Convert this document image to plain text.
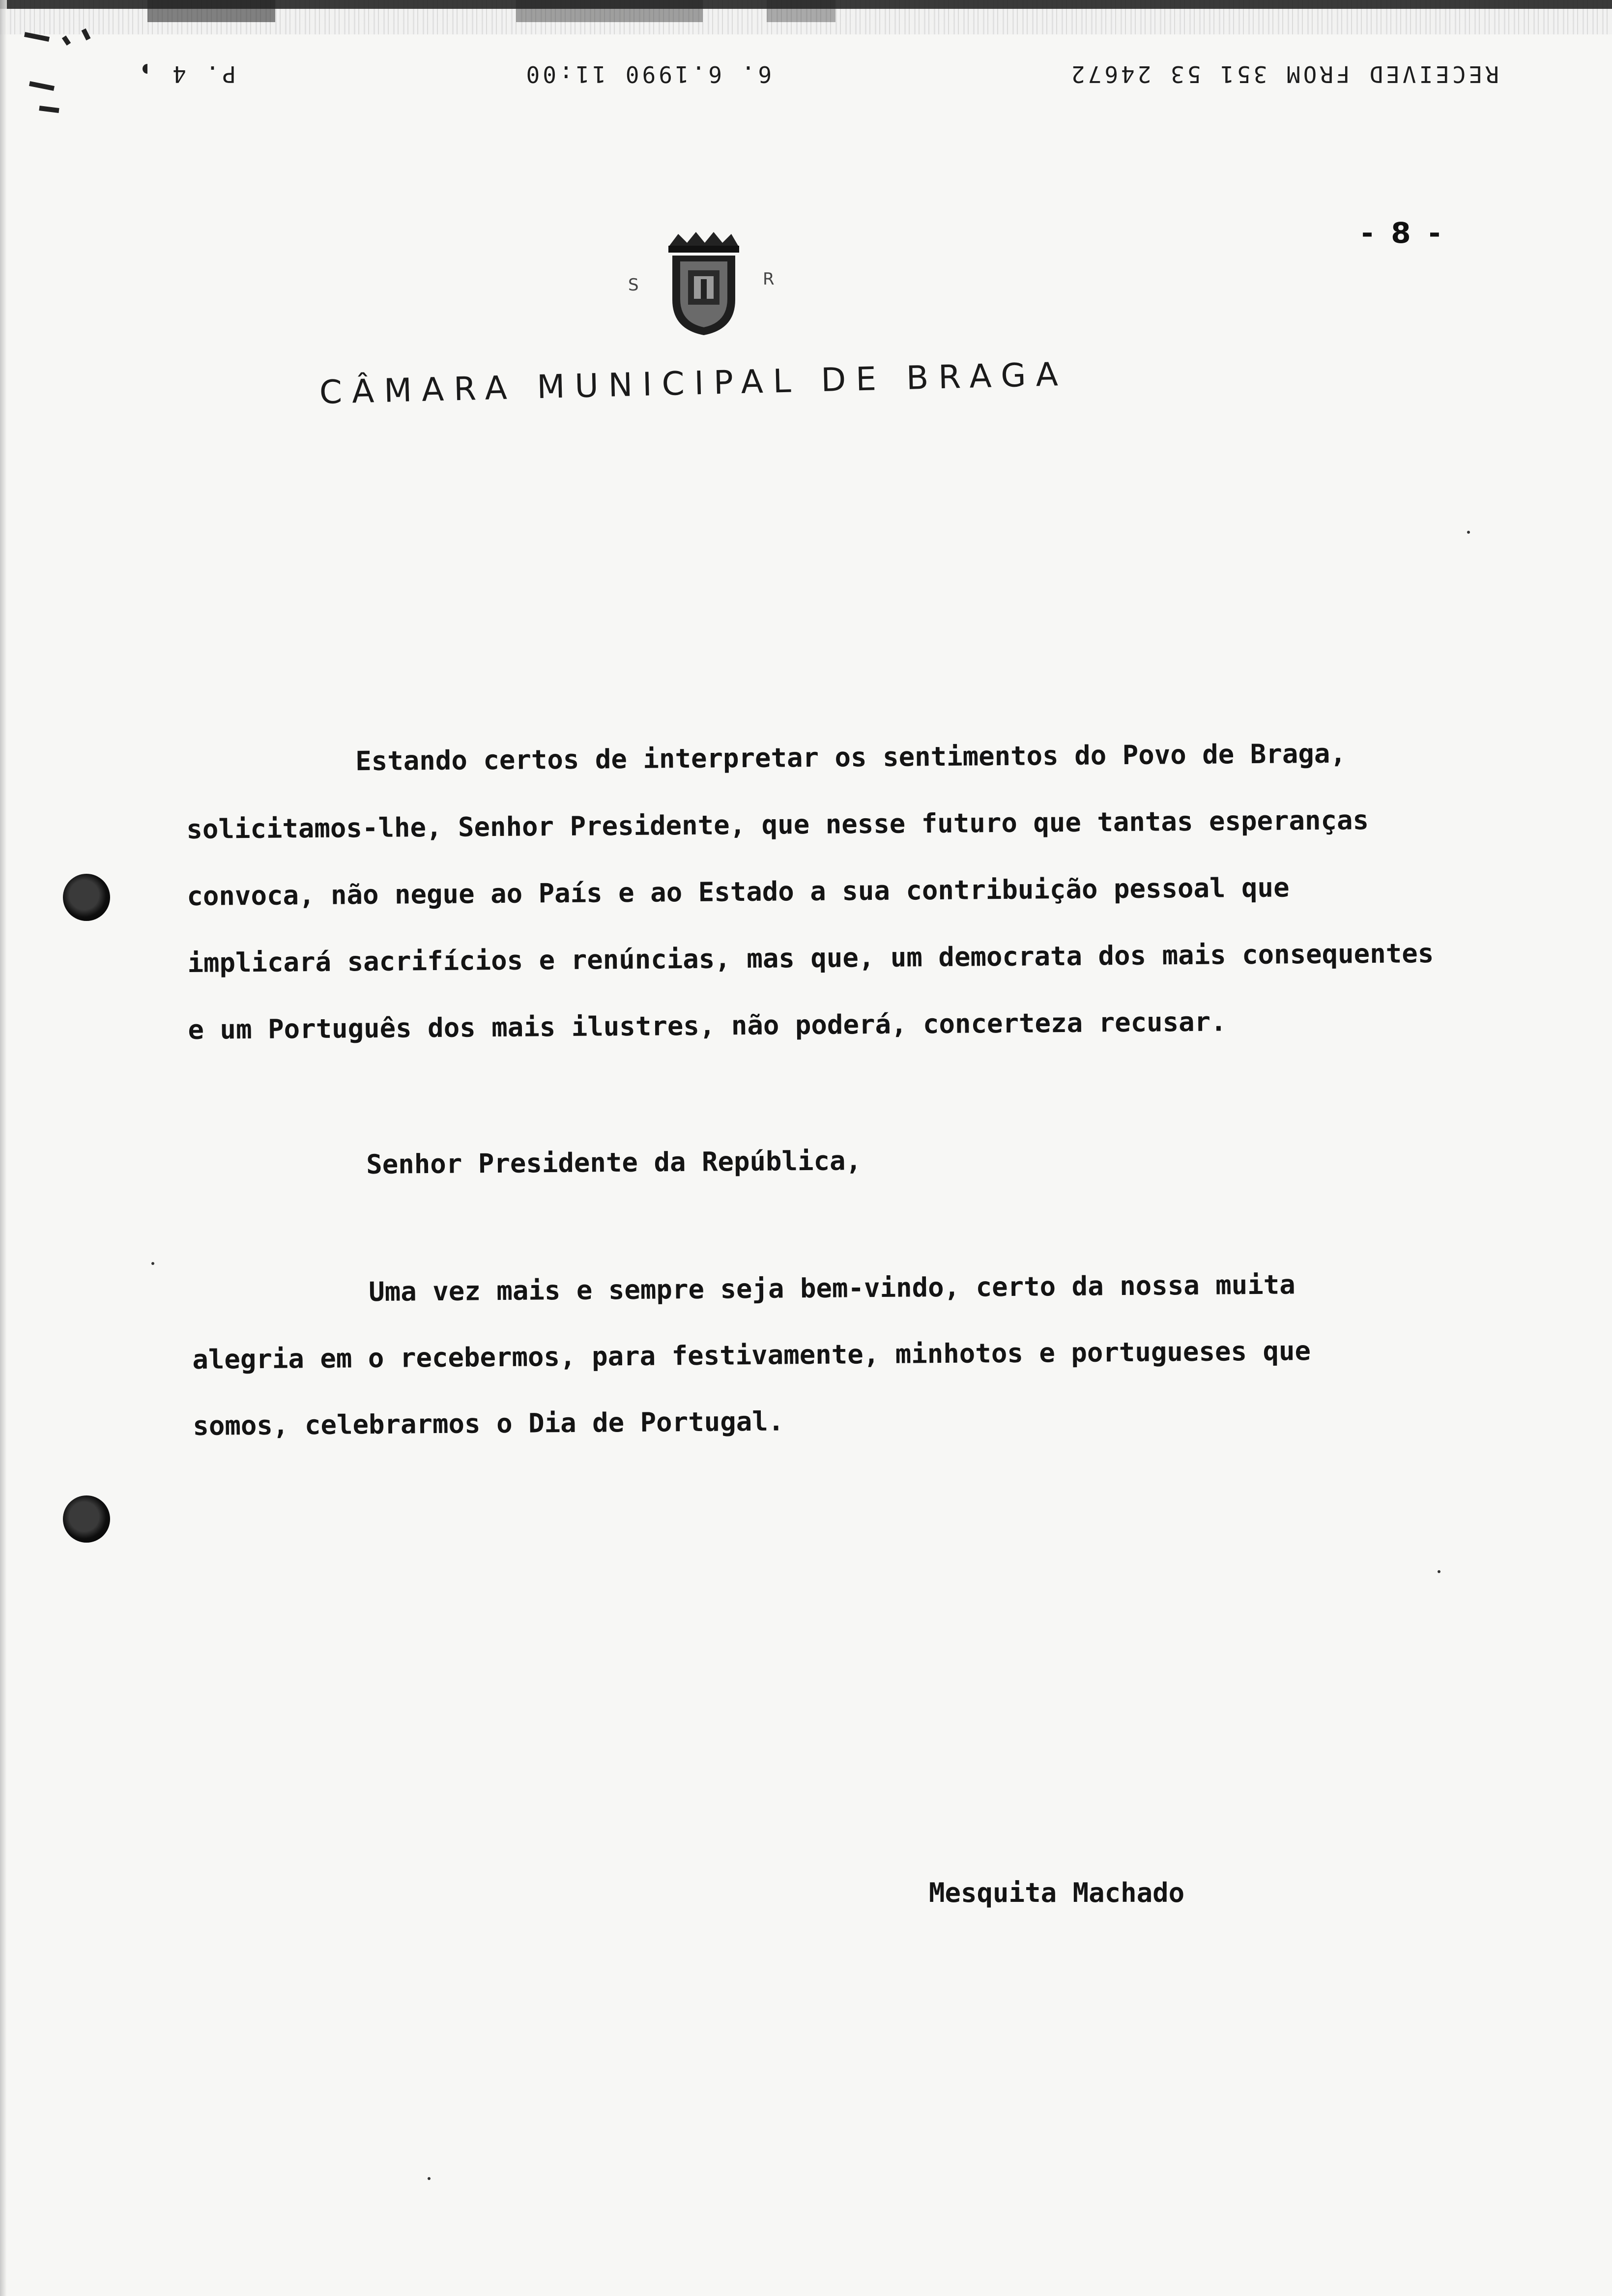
RECEIVED FROM 351 53 24672
6. 6.1990 11:00
P. 4
- 8 -
S	R
CÂMARA MUNICIPAL DE BRAGA
Estando certos de interpretar os sentimentos do Povo de Braga,
solicitamos-lhe, Senhor Presidente, que nesse futuro que tantas esperanças
convoca, não negue ao País e ao Estado a sua contribuição pessoal que
implicará sacrifícios e renúncias, mas que, um democrata dos mais consequentes
e um Português dos mais ilustres, não poderá, concerteza recusar.
Senhor Presidente da República,
Uma vez mais e sempre seja bem-vindo, certo da nossa muita
alegria em o recebermos, para festivamente, minhotos e portugueses que
somos, celebrarmos o Dia de Portugal.
Mesquita Machado
